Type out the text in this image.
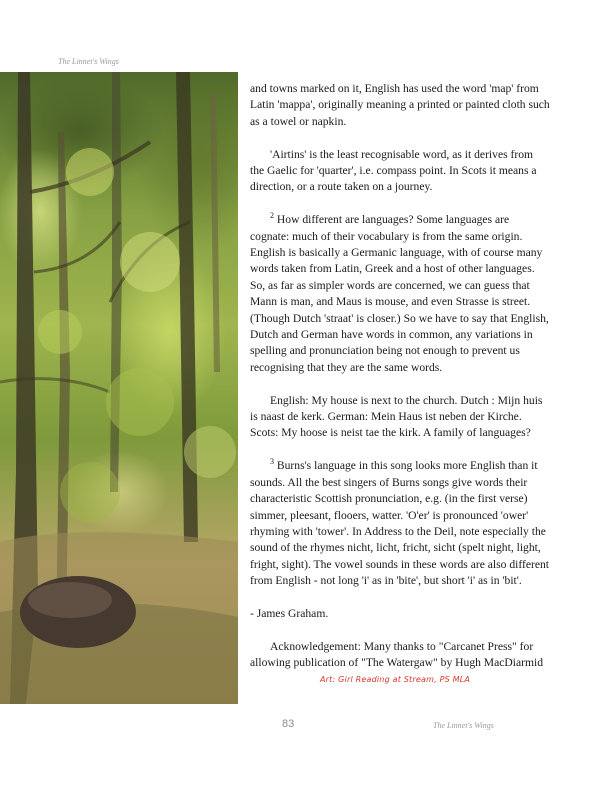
The Linnet's Wings

and towns marked on it, English has used the word 'map' from Latin 'mappa', originally meaning a printed or painted cloth such as a towel or napkin.

'Airtins' is the least recognisable word, as it derives from the Gaelic for 'quarter', i.e. compass point. In Scots it means a direction, or a route taken on a journey.

$^2$ How different are languages? Some languages are cognate: much of their vocabulary is from the same origin. English is basically a Germanic language, with of course many words taken from Latin, Greek and a host of other languages. So, as far as simpler words are concerned, we can guess that Mann is man, and Maus is mouse, and even Strasse is street. (Though Dutch 'straat' is closer.) So we have to say that English, Dutch and German have words in common, any variations in spelling and pronunciation being not enough to prevent us recognising that they are the same words.

English: My house is next to the church. Dutch : Mijn huis is naast de kerk. German: Mein Haus ist neben der Kirche. Scots: My hoose is neist tae the kirk. A family of languages?

$^3$ Burns's language in this song looks more English than it sounds. All the best singers of Burns songs give words their characteristic Scottish pronunciation, e.g. (in the first verse) simmer, pleesant, flooers, watter. 'O'er' is pronounced 'ower' rhyming with 'tower'. In Address to the Deil, note especially the sound of the rhymes nicht, licht, fricht, sicht (spelt night, light, fright, sight). The vowel sounds in these words are also different from English - not long 'i' as in 'bite', but short 'i' as in 'bit'.

- James Graham.

Acknowledgement: Many thanks to "Carcanet Press" for allowing publication of "The Watergaw" by Hugh MacDiarmid

Art: Girl Reading at Stream, PS MLA
83	The Linnet's Wings
